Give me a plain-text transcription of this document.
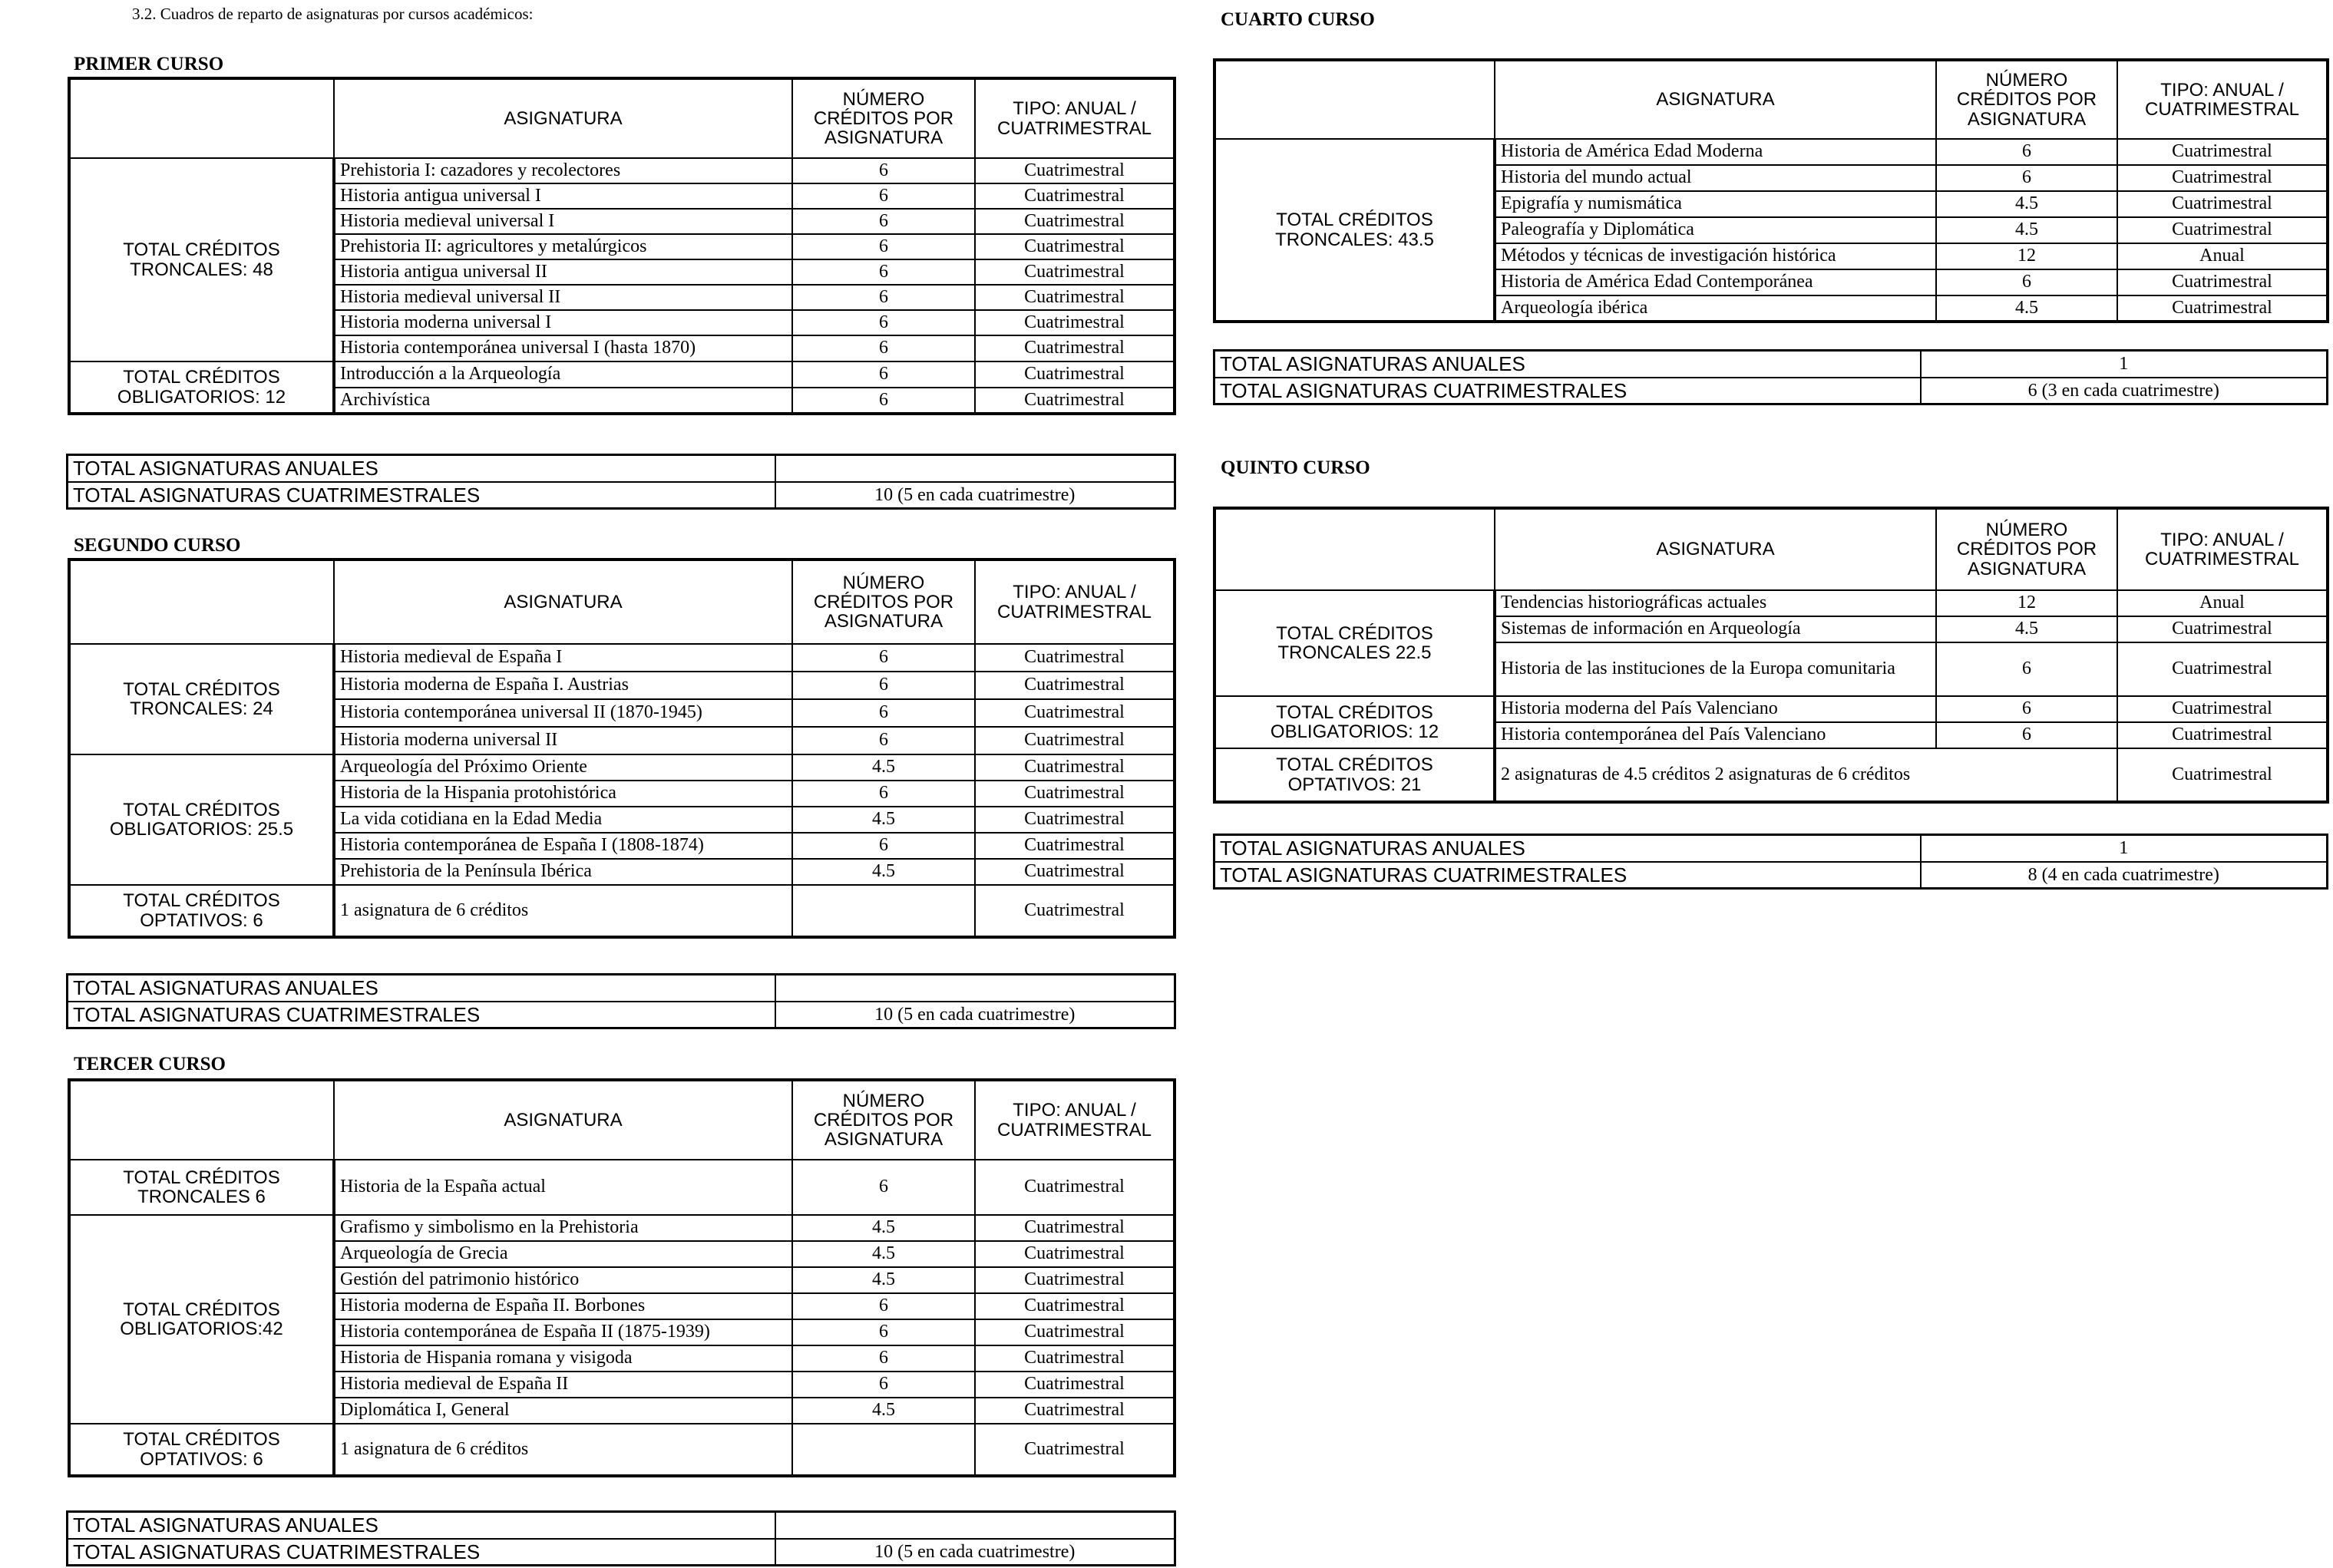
3.2. Cuadros de reparto de asignaturas por cursos académicos:
PRIMER CURSO
	ASIGNATURA	NÚMERO CRÉDITOS POR ASIGNATURA	TIPO: ANUAL / CUATRIMESTRAL
TOTAL CRÉDITOS TRONCALES: 48	Prehistoria I: cazadores y recolectores	6	Cuatrimestral
	Historia antigua universal I	6	Cuatrimestral
	Historia medieval universal I	6	Cuatrimestral
	Prehistoria II: agricultores y metalúrgicos	6	Cuatrimestral
	Historia antigua universal II	6	Cuatrimestral
	Historia medieval universal II	6	Cuatrimestral
	Historia moderna universal I	6	Cuatrimestral
	Historia contemporánea universal I (hasta 1870)	6	Cuatrimestral
TOTAL CRÉDITOS OBLIGATORIOS: 12	Introducción a la Arqueología	6	Cuatrimestral
	Archivística	6	Cuatrimestral
TOTAL ASIGNATURAS ANUALES	
TOTAL ASIGNATURAS CUATRIMESTRALES	10 (5 en cada cuatrimestre)
SEGUNDO CURSO
	ASIGNATURA	NÚMERO CRÉDITOS POR ASIGNATURA	TIPO: ANUAL / CUATRIMESTRAL
TOTAL CRÉDITOS TRONCALES: 24	Historia medieval de España I	6	Cuatrimestral
	Historia moderna de España I. Austrias	6	Cuatrimestral
	Historia contemporánea universal II (1870-1945)	6	Cuatrimestral
	Historia moderna universal II	6	Cuatrimestral
TOTAL CRÉDITOS OBLIGATORIOS: 25.5	Arqueología del Próximo Oriente	4.5	Cuatrimestral
	Historia de la Hispania protohistórica	6	Cuatrimestral
	La vida cotidiana en la Edad Media	4.5	Cuatrimestral
	Historia contemporánea de España I (1808-1874)	6	Cuatrimestral
	Prehistoria de la Península Ibérica	4.5	Cuatrimestral
TOTAL CRÉDITOS OPTATIVOS: 6	1 asignatura de 6 créditos		Cuatrimestral
TOTAL ASIGNATURAS ANUALES	
TOTAL ASIGNATURAS CUATRIMESTRALES	10 (5 en cada cuatrimestre)
TERCER CURSO
	ASIGNATURA	NÚMERO CRÉDITOS POR ASIGNATURA	TIPO: ANUAL / CUATRIMESTRAL
TOTAL CRÉDITOS TRONCALES 6	Historia de la España actual	6	Cuatrimestral
TOTAL CRÉDITOS OBLIGATORIOS:42	Grafismo y simbolismo en la Prehistoria	4.5	Cuatrimestral
	Arqueología de Grecia	4.5	Cuatrimestral
	Gestión del patrimonio histórico	4.5	Cuatrimestral
	Historia moderna de España II. Borbones	6	Cuatrimestral
	Historia contemporánea de España II (1875-1939)	6	Cuatrimestral
	Historia de Hispania romana y visigoda	6	Cuatrimestral
	Historia medieval de España II	6	Cuatrimestral
	Diplomática I, General	4.5	Cuatrimestral
TOTAL CRÉDITOS OPTATIVOS: 6	1 asignatura de 6 créditos		Cuatrimestral
TOTAL ASIGNATURAS ANUALES	
TOTAL ASIGNATURAS CUATRIMESTRALES	10 (5 en cada cuatrimestre)
CUARTO CURSO
	ASIGNATURA	NÚMERO CRÉDITOS POR ASIGNATURA	TIPO: ANUAL / CUATRIMESTRAL
TOTAL CRÉDITOS TRONCALES: 43.5	Historia de América Edad Moderna	6	Cuatrimestral
	Historia del mundo actual	6	Cuatrimestral
	Epigrafía y numismática	4.5	Cuatrimestral
	Paleografía y Diplomática	4.5	Cuatrimestral
	Métodos y técnicas de investigación histórica	12	Anual
	Historia de América Edad Contemporánea	6	Cuatrimestral
	Arqueología ibérica	4.5	Cuatrimestral
TOTAL ASIGNATURAS ANUALES	1
TOTAL ASIGNATURAS CUATRIMESTRALES	6 (3 en cada cuatrimestre)
QUINTO CURSO
	ASIGNATURA	NÚMERO CRÉDITOS POR ASIGNATURA	TIPO: ANUAL / CUATRIMESTRAL
TOTAL CRÉDITOS TRONCALES 22.5	Tendencias historiográficas actuales	12	Anual
	Sistemas de información en Arqueología	4.5	Cuatrimestral
	Historia de las instituciones de la Europa comunitaria	6	Cuatrimestral
TOTAL CRÉDITOS OBLIGATORIOS: 12	Historia moderna del País Valenciano	6	Cuatrimestral
	Historia contemporánea del País Valenciano	6	Cuatrimestral
TOTAL CRÉDITOS OPTATIVOS: 21	2 asignaturas de 4.5 créditos 2 asignaturas de 6 créditos		Cuatrimestral
TOTAL ASIGNATURAS ANUALES	1
TOTAL ASIGNATURAS CUATRIMESTRALES	8 (4 en cada cuatrimestre)
